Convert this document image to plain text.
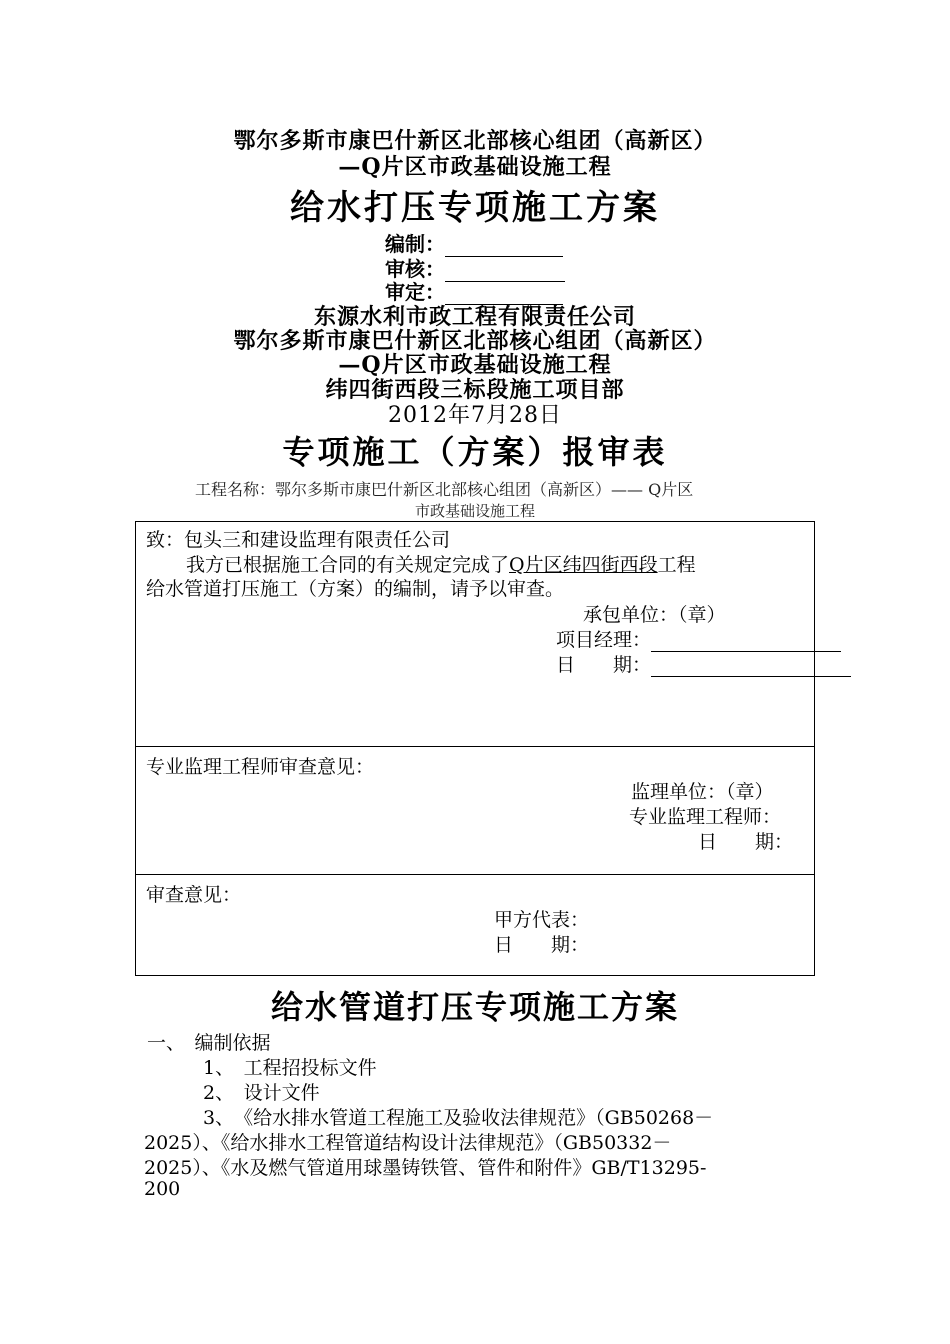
鄂尔多斯市康巴什新区北部核心组团（高新区）
—Q片区市政基础设施工程
给水打压专项施工方案
编制：
审核：
审定：
东源水利市政工程有限责任公司
鄂尔多斯市康巴什新区北部核心组团（高新区）
—Q片区市政基础设施工程
纬四街西段三标段施工项目部
2012年7月28日
专项施工（方案）报审表
工程名称：鄂尔多斯市康巴什新区北部核心组团（高新区）—— Q片区
市政基础设施工程
致：包头三和建设监理有限责任公司
我方已根据施工合同的有关规定完成了Q片区纬四街西段工程
给水管道打压施工（方案）的编制，请予以审查。
承包单位：（章）
项目经理：
日　　期：
专业监理工程师审查意见：
监理单位：（章）
专业监理工程师：
日　　期：
审查意见：
甲方代表：
日　　期：
给水管道打压专项施工方案
一、　编制依据
1、　工程招投标文件
2、　设计文件
3、　《给水排水管道工程施工及验收法律规范》（GB50268－
2025）、《给水排水工程管道结构设计法律规范》（GB50332－
2025）、《水及燃气管道用球墨铸铁管、管件和附件》GB/T13295-
200
